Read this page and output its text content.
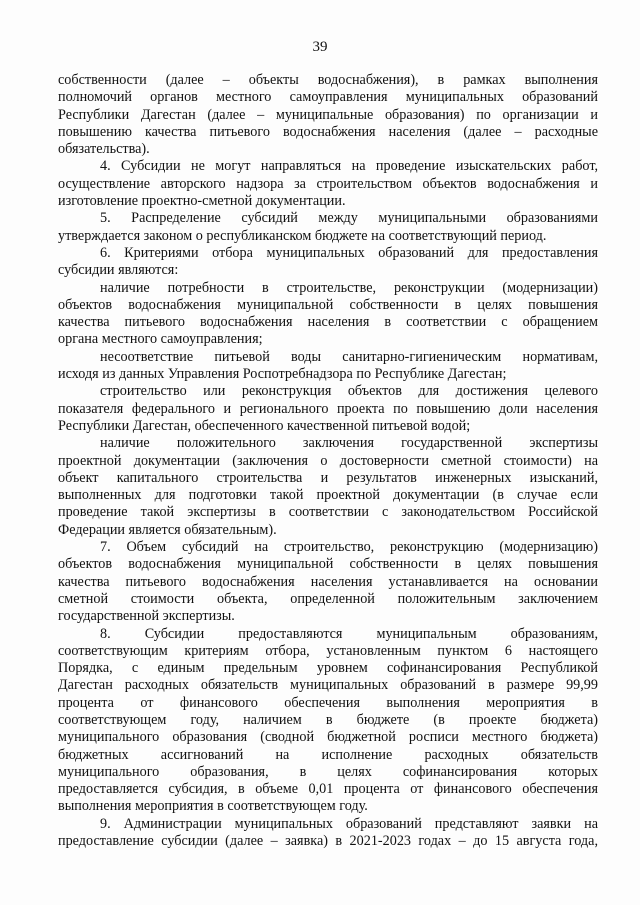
39
собственности (далее – объекты водоснабжения), в рамках выполнения
полномочий органов местного самоуправления муниципальных образований
Республики Дагестан (далее – муниципальные образования) по организации и
повышению качества питьевого водоснабжения населения (далее – расходные
обязательства).
4. Субсидии не могут направляться на проведение изыскательских работ,
осуществление авторского надзора за строительством объектов водоснабжения и
изготовление проектно-сметной документации.
5. Распределение субсидий между муниципальными образованиями
утверждается законом о республиканском бюджете на соответствующий период.
6. Критериями отбора муниципальных образований для предоставления
субсидии являются:
наличие потребности в строительстве, реконструкции (модернизации)
объектов водоснабжения муниципальной собственности в целях повышения
качества питьевого водоснабжения населения в соответствии с обращением
органа местного самоуправления;
несоответствие питьевой воды санитарно-гигиеническим нормативам,
исходя из данных Управления Роспотребнадзора по Республике Дагестан;
строительство или реконструкция объектов для достижения целевого
показателя федерального и регионального проекта по повышению доли населения
Республики Дагестан, обеспеченного качественной питьевой водой;
наличие положительного заключения государственной экспертизы
проектной документации (заключения о достоверности сметной стоимости) на
объект капитального строительства и результатов инженерных изысканий,
выполненных для подготовки такой проектной документации (в случае если
проведение такой экспертизы в соответствии с законодательством Российской
Федерации является обязательным).
7. Объем субсидий на строительство, реконструкцию (модернизацию)
объектов водоснабжения муниципальной собственности в целях повышения
качества питьевого водоснабжения населения устанавливается на основании
сметной стоимости объекта, определенной положительным заключением
государственной экспертизы.
8. Субсидии предоставляются муниципальным образованиям,
соответствующим критериям отбора, установленным пунктом 6 настоящего
Порядка, с единым предельным уровнем софинансирования Республикой
Дагестан расходных обязательств муниципальных образований в размере 99,99
процента от финансового обеспечения выполнения мероприятия в
соответствующем году, наличием в бюджете (в проекте бюджета)
муниципального образования (сводной бюджетной росписи местного бюджета)
бюджетных ассигнований на исполнение расходных обязательств
муниципального образования, в целях софинансирования которых
предоставляется субсидия, в объеме 0,01 процента от финансового обеспечения
выполнения мероприятия в соответствующем году.
9. Администрации муниципальных образований представляют заявки на
предоставление субсидии (далее – заявка) в 2021-2023 годах – до 15 августа года,
